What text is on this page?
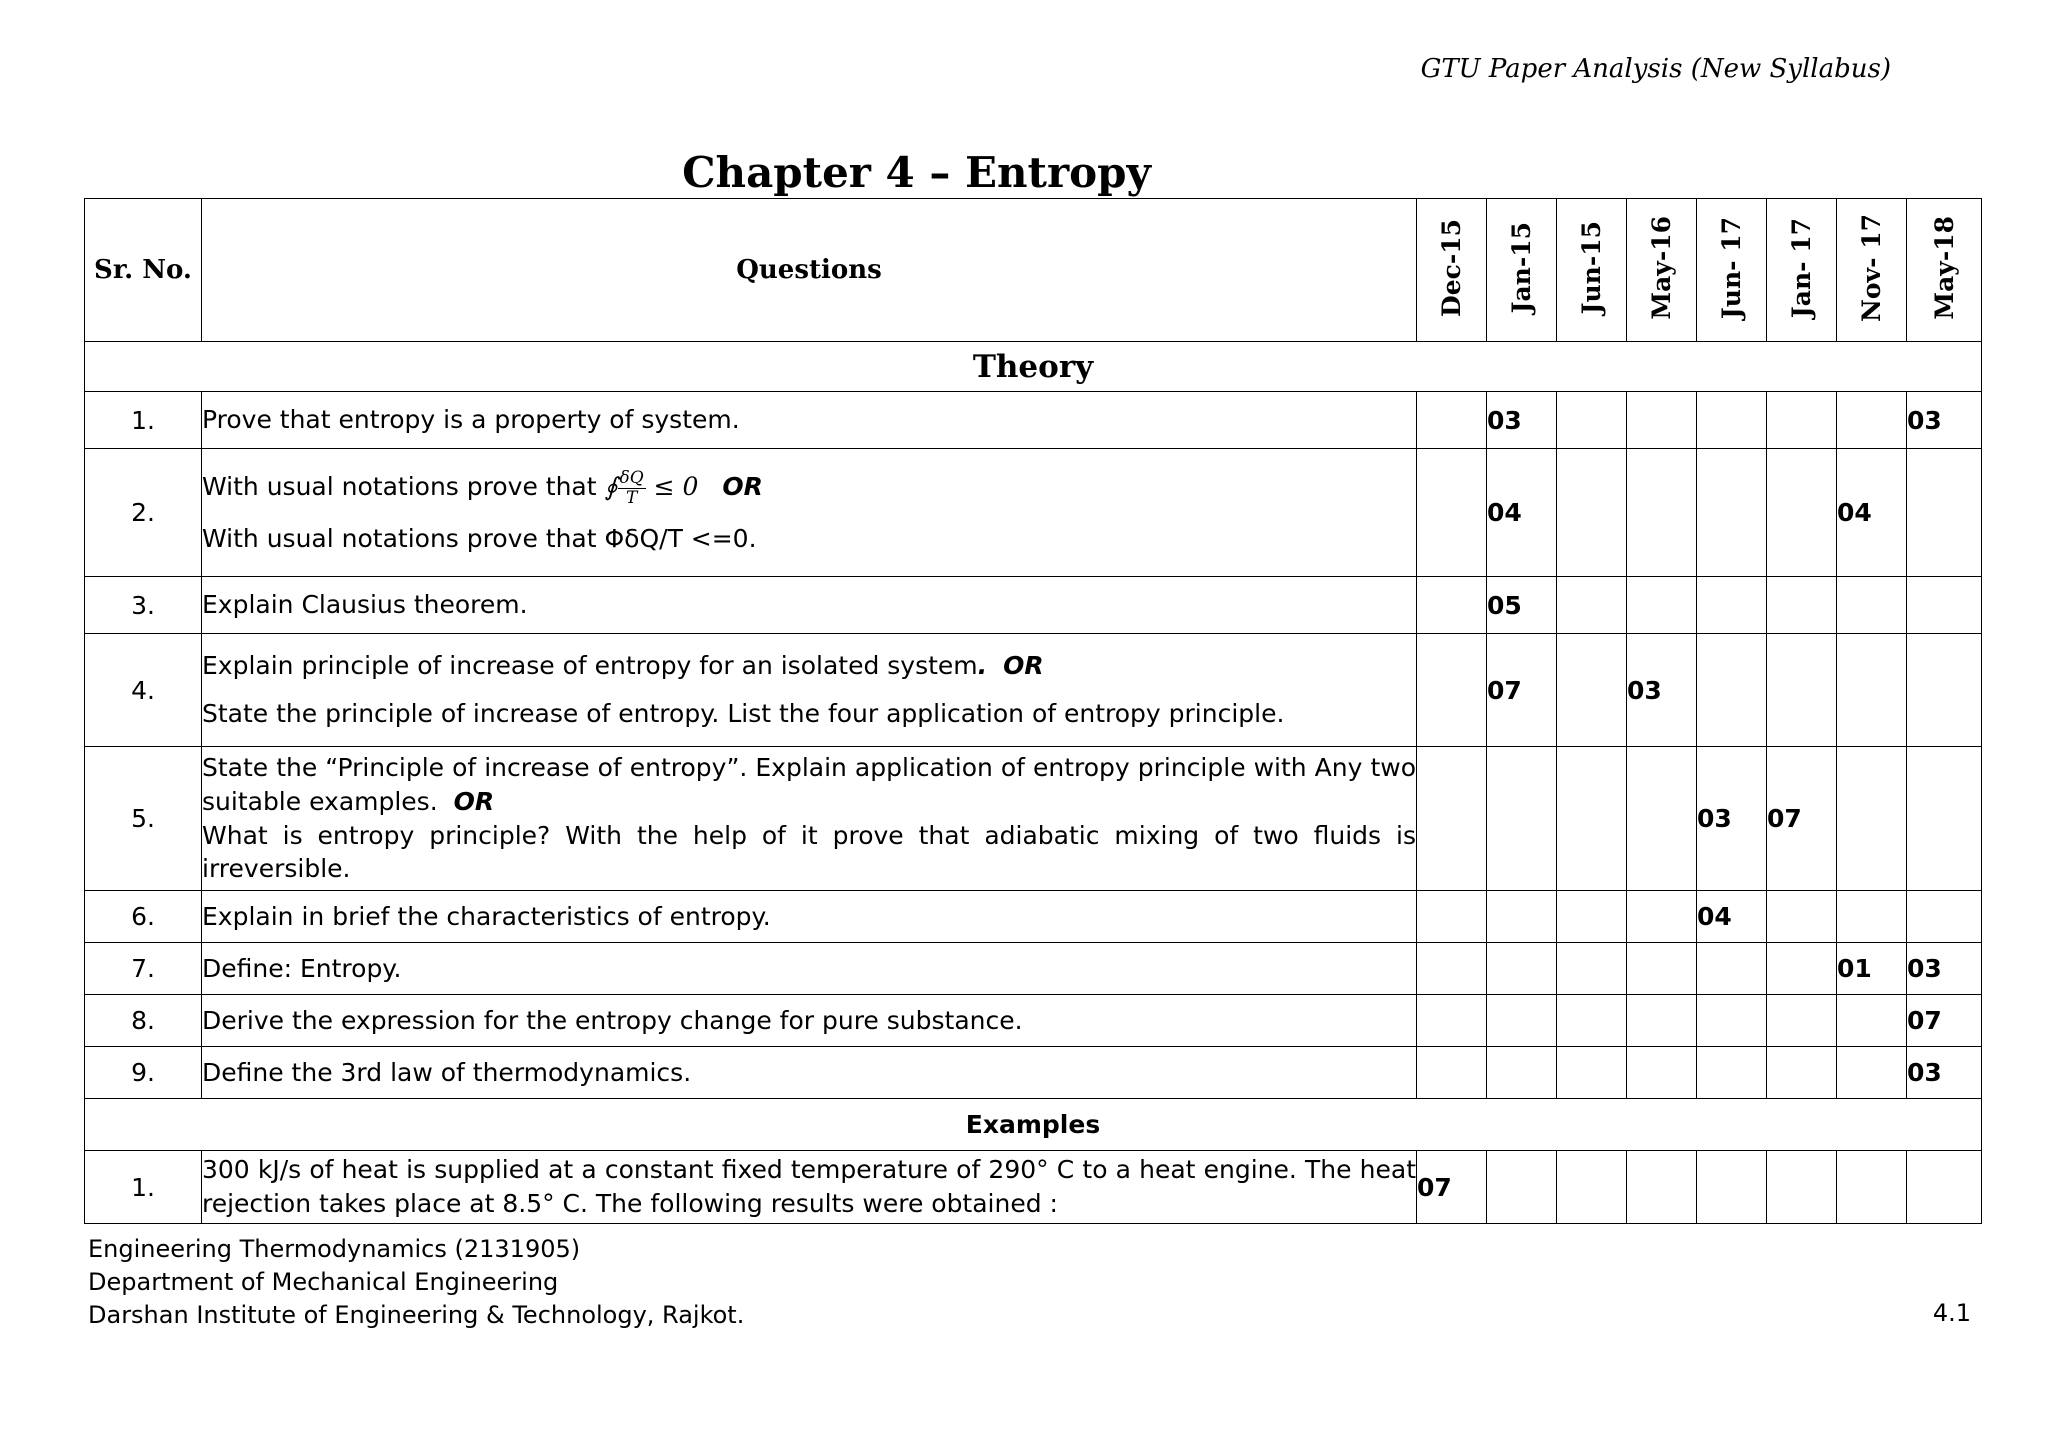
GTU Paper Analysis (New Syllabus)
Chapter 4 – Entropy
Sr. No.	Questions	Dec-15	Jan-15	Jun-15	May-16	Jun- 17	Jan- 17	Nov- 17	May-18
Theory									
1.	Prove that entropy is a property of system.		03						03
2.	With usual notations prove that ∮ $\frac{\delta Q}{T} \le 0$ OR
With usual notations prove that ΦδQ/T <=0.		04					04	
3.	Explain Clausius theorem.		05						
4.	Explain principle of increase of entropy for an isolated system. OR
State the principle of increase of entropy. List the four application of entropy principle.		07		03				
5.	State the “Principle of increase of entropy”. Explain application of entropy principle with Any two suitable examples. OR
What is entropy principle? With the help of it prove that adiabatic mixing of two fluids is irreversible.					03	07		
6.	Explain in brief the characteristics of entropy.					04			
7.	Define: Entropy.							01	03
8.	Derive the expression for the entropy change for pure substance.								07
9.	Define the 3rd law of thermodynamics.								03
Examples									
1.	300 kJ/s of heat is supplied at a constant fixed temperature of 290° C to a heat engine. The heat rejection takes place at 8.5° C. The following results were obtained :	07							
Engineering Thermodynamics (2131905)
Department of Mechanical Engineering
Darshan Institute of Engineering & Technology, Rajkot.	4.1
